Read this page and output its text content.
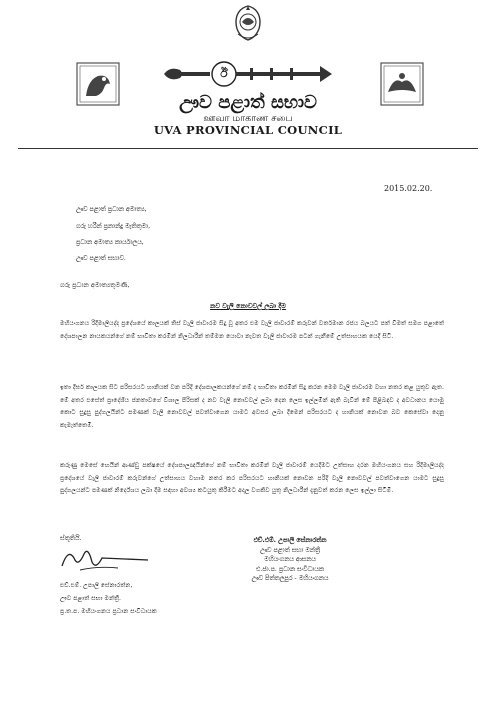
ඊ
ඌව පළාත් සභාව
ஊவா மாகாண சபை
UVA PROVINCIAL COUNCIL
2015.02.20.
ඌව පළාත් ප්‍රධාන අමාත්‍ය,
ගරු හරීන් ප්‍රනාන්දු මැතිතුමා,
ප්‍රධාන අමාත්‍ය කාර්යාලය,
ඌව පළාත් සභාව.
ගරු ප්‍රධාන අමාත්‍යතුමණි,
නව වැලි නොවවල් ලබා දීම
මහියංගනය රිදීමාලියද්ද ප්‍රදේශයේ කාලයක් තිස් වැලි ජාවාරම සිදු වූ අතර එම වැලි ජාවාරම් කරුවන් වර්තමාන රජය බලයට පත් වීමත් සමග පළාතේ දේශපාලන නායකයන්ගේ නම් භාවිතා කරමින් නිලධාරීන් තම්මන යොවා නැවත වැලි ජාවාරම පටන් ගැනීමේ උත්සාහයක යෙදී සිටී.
ඉතා දීර්ඝ කාලයක සිට පරිසරයට හානියක් වන පරිදි දේශපාලකයන්ගේ නම් ද භාවිතා කරමින් සිදු කරන මෙම වැලි ජාවාරම වහා නතර කළ යුතුව ඇත. මේ අතර එසේත් ප්‍රාදේශීය ජනතාවගේ විශාල පිරිසක් ද නව වැලි නොවවල් ලබා දෙන ලෙස ඉල්ලමින් ඇති බැවින් මේ පිළිබඳව ද අවධානය යොමු කොට සුදුසු පුද්ගලයින්ට පමණක් වැලි නොවවල් පවත්වාගෙන යාමට අවසර ලබා දීමෙන් පරිසරයට ද හානියක් නොවන බව කෙසේවා දෙනු කැමැත්තෙමි.
කරුණු මෙසේ හෙයින් ආණ්ඩු පක්ෂයේ දේශපාලඥයින්ගේ නම් භාවිතා කරමින් වැලි ජාවාරම් යෙදීමට උත්සාහ දරන මහියංගනය සහ රිදීමාලියද්ද ප්‍රදේශයේ වැලි ජාවාරම් කරුවන්ගේ උත්සාහය වහාම නතර කර පරිසරයට හානියක් නොවන පරිදි වැලි නොවවල් පවත්වාගෙන යාමට සුදුසු පුද්ගලයන්ට පමණක් නිර්දේශය ලබා දීම සඳහා අවශ්‍ය කටයුතු කිරීමට අදාල වගකිව යුතු නිලධාරීන් දැනුවත් කරන ලෙස ඉල්ලා සිටිමි.
ස්තූතියි.
එච්.එම්. උපාලි සේනාරත්න,
ඌව පළාත් සභා මන්ත්‍රී.
ප්‍ර.ත.ප. මහියංගනය ප්‍රධාන සංවිධායක
එච්.එම්. උපාලි සේනාරත්න
ඌව පළාත් සභා මන්ත්‍රී
මහියංගනය ආසනය
එ.ජා.ප. ප්‍රධාන සංවිධායක
ඌව පිත්තලපුර - මහියංගනය
